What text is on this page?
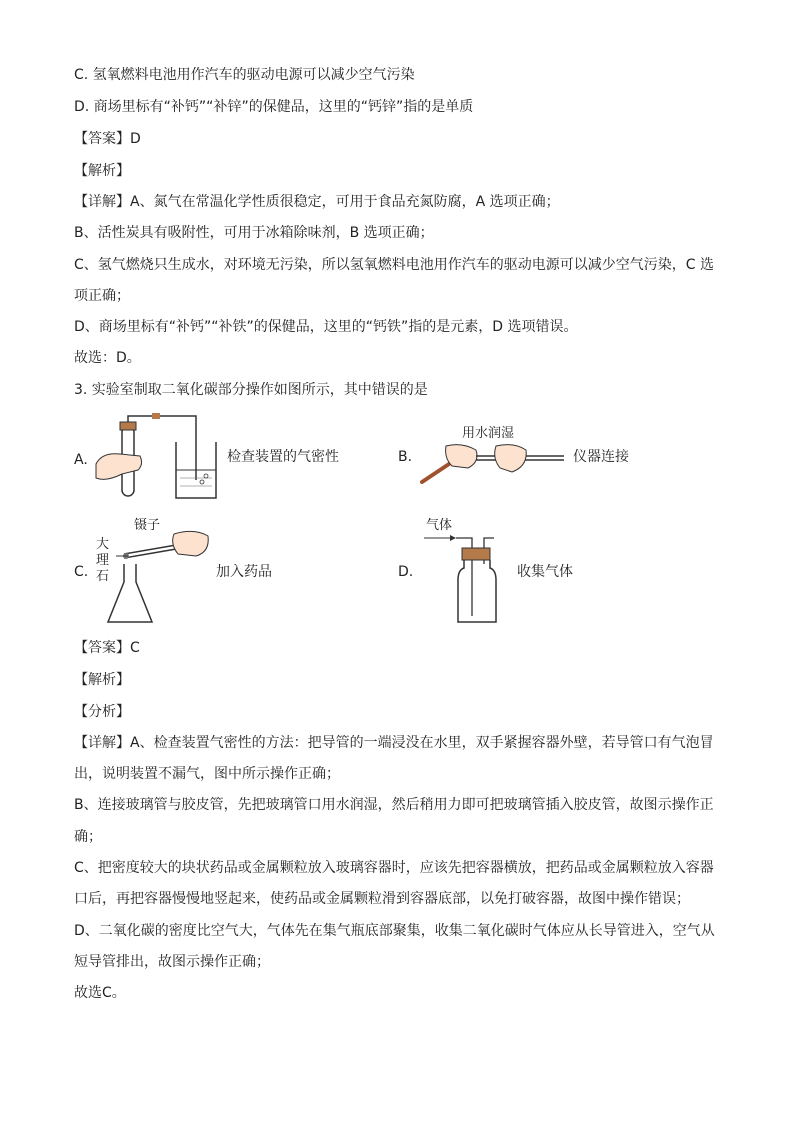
C. 氢氧燃料电池用作汽车的驱动电源可以减少空气污染
D. 商场里标有“补钙”“补锌”的保健品，这里的“钙锌”指的是单质
【答案】D
【解析】
【详解】A、氮气在常温化学性质很稳定，可用于食品充氮防腐，A 选项正确；
B、活性炭具有吸附性，可用于冰箱除味剂，B 选项正确；
C、氢气燃烧只生成水，对环境无污染，所以氢氧燃料电池用作汽车的驱动电源可以减少空气污染，C 选
项正确；
D、商场里标有“补钙”“补铁”的保健品，这里的“钙铁”指的是元素，D 选项错误。
故选：D。
3. 实验室制取二氧化碳部分操作如图所示，其中错误的是
A.	检查装置的气密性	B.
用水润湿
仪器连接
C.
镊子
大
理
石	加入药品	D.
气体
收集气体
【答案】C
【解析】
【分析】
【详解】A、检查装置气密性的方法：把导管的一端浸没在水里，双手紧握容器外壁，若导管口有气泡冒
出，说明装置不漏气，图中所示操作正确；
B、连接玻璃管与胶皮管，先把玻璃管口用水润湿，然后稍用力即可把玻璃管插入胶皮管，故图示操作正
确；
C、把密度较大的块状药品或金属颗粒放入玻璃容器时，应该先把容器横放，把药品或金属颗粒放入容器
口后，再把容器慢慢地竖起来，使药品或金属颗粒滑到容器底部，以免打破容器，故图中操作错误；
D、二氧化碳的密度比空气大，气体先在集气瓶底部聚集，收集二氧化碳时气体应从长导管进入，空气从
短导管排出，故图示操作正确；
故选C。
